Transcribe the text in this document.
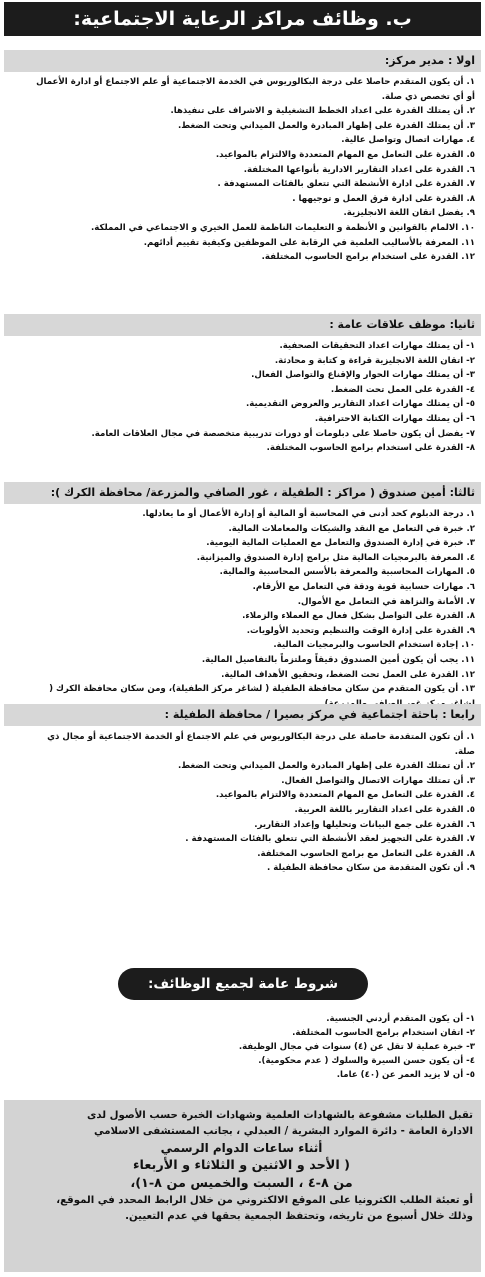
ب. وظائف مراكز الرعاية الاجتماعية:
اولا : مدير مركز:
١. أن يكون المتقدم حاصلا على درجة البكالوريوس في الخدمة الاجتماعية أو علم الاجتماع أو ادارة الأعمال
أو أي تخصص ذي صلة.
٢. أن يمتلك القدرة على اعداد الخطط التشغيلية و الاشراف على تنفيذها.
٣. أن يمتلك القدرة على إظهار المبادرة والعمل الميداني وتحت الضغط.
٤. مهارات اتصال وتواصل عالية.
٥. القدرة على التعامل مع المهام المتعددة والالتزام بالمواعيد.
٦. القدرة على اعداد التقارير الادارية بأنواعها المختلفة.
٧. القدرة على ادارة الأنشطة التي تتعلق بالفئات المستهدفة .
٨. القدرة على ادارة فرق العمل و توجيهها .
٩. يفضل اتقان اللغة الانجليزية.
١٠. الالمام بالقوانين و الأنظمة و التعليمات الناظمة للعمل الخيري و الاجتماعي في المملكة.
١١. المعرفة بالأساليب العلمية في الرقابة على الموظفين وكيفية تقييم أدائهم.
١٢. القدرة على استخدام برامج الحاسوب المختلفة.
ثانيا: موظف علاقات عامة :
١- أن يمتلك مهارات اعداد التحقيقات الصحفية.
٢- اتقان اللغة الانجليزية قراءة و كتابة و محادثة.
٣- أن يمتلك مهارات الحوار والإقناع والتواصل الفعال.
٤- القدرة على العمل تحت الضغط.
٥- أن يمتلك مهارات اعداد التقارير والعروض التقديمية.
٦- أن يمتلك مهارات الكتابة الاحترافية.
٧- يفضل أن يكون حاصلا على دبلومات أو دورات تدريبية متخصصة في مجال العلاقات العامة.
٨- القدرة على استخدام برامج الحاسوب المختلفة.
ثالثا: أمين صندوق ( مراكز : الطفيلة ، غور الصافي والمزرعة/ محافظة الكرك ):
١. درجة الدبلوم كحد أدنى في المحاسبة أو المالية أو إدارة الأعمال أو ما يعادلها.
٢. خبرة في التعامل مع النقد والشيكات والمعاملات المالية.
٣. خبرة في إدارة الصندوق والتعامل مع العمليات المالية اليومية.
٤. المعرفة بالبرمجيات المالية مثل برامج إدارة الصندوق والميزانية.
٥. المهارات المحاسبية والمعرفة بالأسس المحاسبية والمالية.
٦. مهارات حسابية قوية ودقة في التعامل مع الأرقام.
٧. الأمانة والنزاهة في التعامل مع الأموال.
٨. القدرة على التواصل بشكل فعال مع العملاء والزملاء.
٩. القدرة على إدارة الوقت والتنظيم وتحديد الأولويات.
١٠. إجادة استخدام الحاسوب والبرمجيات المالية.
١١. يجب أن يكون أمين الصندوق دقيقاً وملتزماً بالتفاصيل المالية.
١٢. القدرة على العمل تحت الضغط، وتحقيق الأهداف المالية.
١٣. أن يكون المتقدم من سكان محافظة الطفيلة ( لشاغر مركز الطفيلة)، ومن سكان محافظة الكرك (
رابعا : باحثة اجتماعية في مركز بصيرا / محافظة الطفيلة :
١. أن تكون المتقدمة حاصلة على درجة البكالوريوس في علم الاجتماع أو الخدمة الاجتماعية أو مجال ذي
صلة.
٢. أن تمتلك القدرة على إظهار المبادرة والعمل الميداني وتحت الضغط.
٣. أن تمتلك مهارات الاتصال والتواصل الفعال.
٤. القدرة على التعامل مع المهام المتعددة والالتزام بالمواعيد.
٥. القدرة على اعداد التقارير باللغة العربية.
٦. القدرة على جمع البيانات وتحليلها وإعداد التقارير.
٧. القدرة على التجهيز لعقد الأنشطة التي تتعلق بالفئات المستهدفة .
٨. القدرة على التعامل مع برامج الحاسوب المختلفة.
٩. أن تكون المتقدمة من سكان محافظة الطفيلة .
شروط عامة لجميع الوظائف:
١- أن يكون المتقدم أردني الجنسية.
٢- اتقان استخدام برامج الحاسوب المختلفة.
٣- خبرة عملية لا تقل عن (٤) سنوات في مجال الوظيفة.
٤- أن يكون حسن السيرة والسلوك ( عدم محكومية).
٥- أن لا يزيد العمر عن (٤٠) عاما.
تقبل الطلبات مشفوعة بالشهادات العلمية وشهادات الخبرة حسب الأصول لدى
الادارة العامة - دائرة الموارد البشرية / العبدلي ، بجانب المستشفى الاسلامي
أثناء ساعات الدوام الرسمي
( الأحد و الاثنين و الثلاثاء و الأربعاء
من ٨-٤ ، السبت والخميس من ٨-١)،
أو تعبئة الطلب الكترونيا على الموقع الالكتروني من خلال الرابط المحدد في الموقع،
وذلك خلال أسبوع من تاريخه، وتحتفظ الجمعية بحقها في عدم التعيين.
